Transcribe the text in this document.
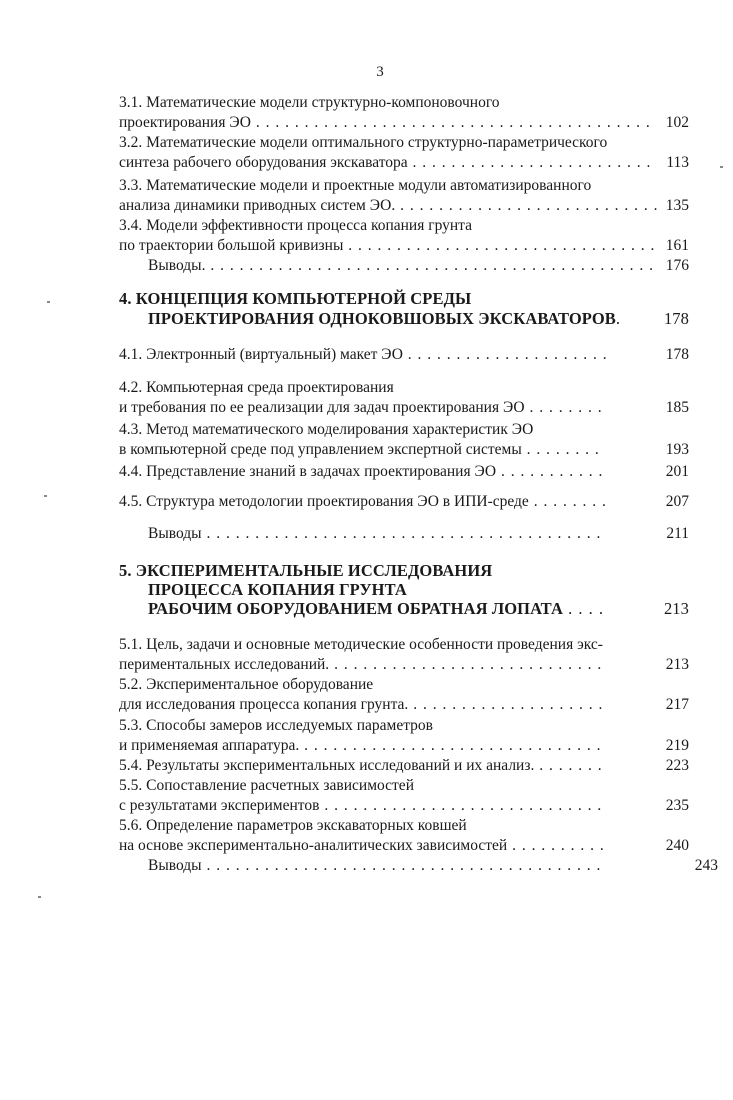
3
3.1. Математические модели структурно-компоновочного
проектирования ЭО . . . . . . . . . . . . . . . . . . . . . . . . . . . . . . . . . . . . . . . . . 102
3.2. Математические модели оптимального структурно-параметрического
синтеза рабочего оборудования экскаватора . . . . . . . . . . . . . . . . . . . . . . . . . 113
3.3. Математические модели и проектные модули автоматизированного
анализа динамики приводных систем ЭО. . . . . . . . . . . . . . . . . . . . . . . . . . . . 135
3.4. Модели эффективности процесса копания грунта
по траектории большой кривизны . . . . . . . . . . . . . . . . . . . . . . . . . . . . . . . . 161
Выводы. . . . . . . . . . . . . . . . . . . . . . . . . . . . . . . . . . . . . . . . . . . . . . . 176
4. КОНЦЕПЦИЯ КОМПЬЮТЕРНОЙ СРЕДЫ
ПРОЕКТИРОВАНИЯ ОДНОКОВШОВЫХ ЭКСКАВАТОРОВ.	178
4.1. Электронный (виртуальный) макет ЭО . . . . . . . . . . . . . . . . . . . . .	178
4.2. Компьютерная среда проектирования
и требования по ее реализации для задач проектирования ЭО . . . . . . . .	185
4.3. Метод математического моделирования характеристик ЭО
в компьютерной среде под управлением экспертной системы . . . . . . . .	193
4.4. Представление знаний в задачах проектирования ЭО . . . . . . . . . . .	201
4.5. Структура методологии проектирования ЭО в ИПИ-среде . . . . . . . .	207
Выводы . . . . . . . . . . . . . . . . . . . . . . . . . . . . . . . . . . . . . . . . .	211
5. ЭКСПЕРИМЕНТАЛЬНЫЕ ИССЛЕДОВАНИЯ
ПРОЦЕССА КОПАНИЯ ГРУНТА
РАБОЧИМ ОБОРУДОВАНИЕМ ОБРАТНАЯ ЛОПАТА . . . .	213
5.1. Цель, задачи и основные методические особенности проведения экс-
периментальных исследований. . . . . . . . . . . . . . . . . . . . . . . . . . . . .	213
5.2. Экспериментальное оборудование
для исследования процесса копания грунта. . . . . . . . . . . . . . . . . . . . .	217
5.3. Способы замеров исследуемых параметров
и применяемая аппаратура. . . . . . . . . . . . . . . . . . . . . . . . . . . . . . . .	219
5.4. Результаты экспериментальных исследований и их анализ. . . . . . . .	223
5.5. Сопоставление расчетных зависимостей
с результатами экспериментов . . . . . . . . . . . . . . . . . . . . . . . . . . . . .	235
5.6. Определение параметров экскаваторных ковшей
на основе экспериментально-аналитических зависимостей . . . . . . . . . .	240
Выводы . . . . . . . . . . . . . . . . . . . . . . . . . . . . . . . . . . . . . . . . .	243
